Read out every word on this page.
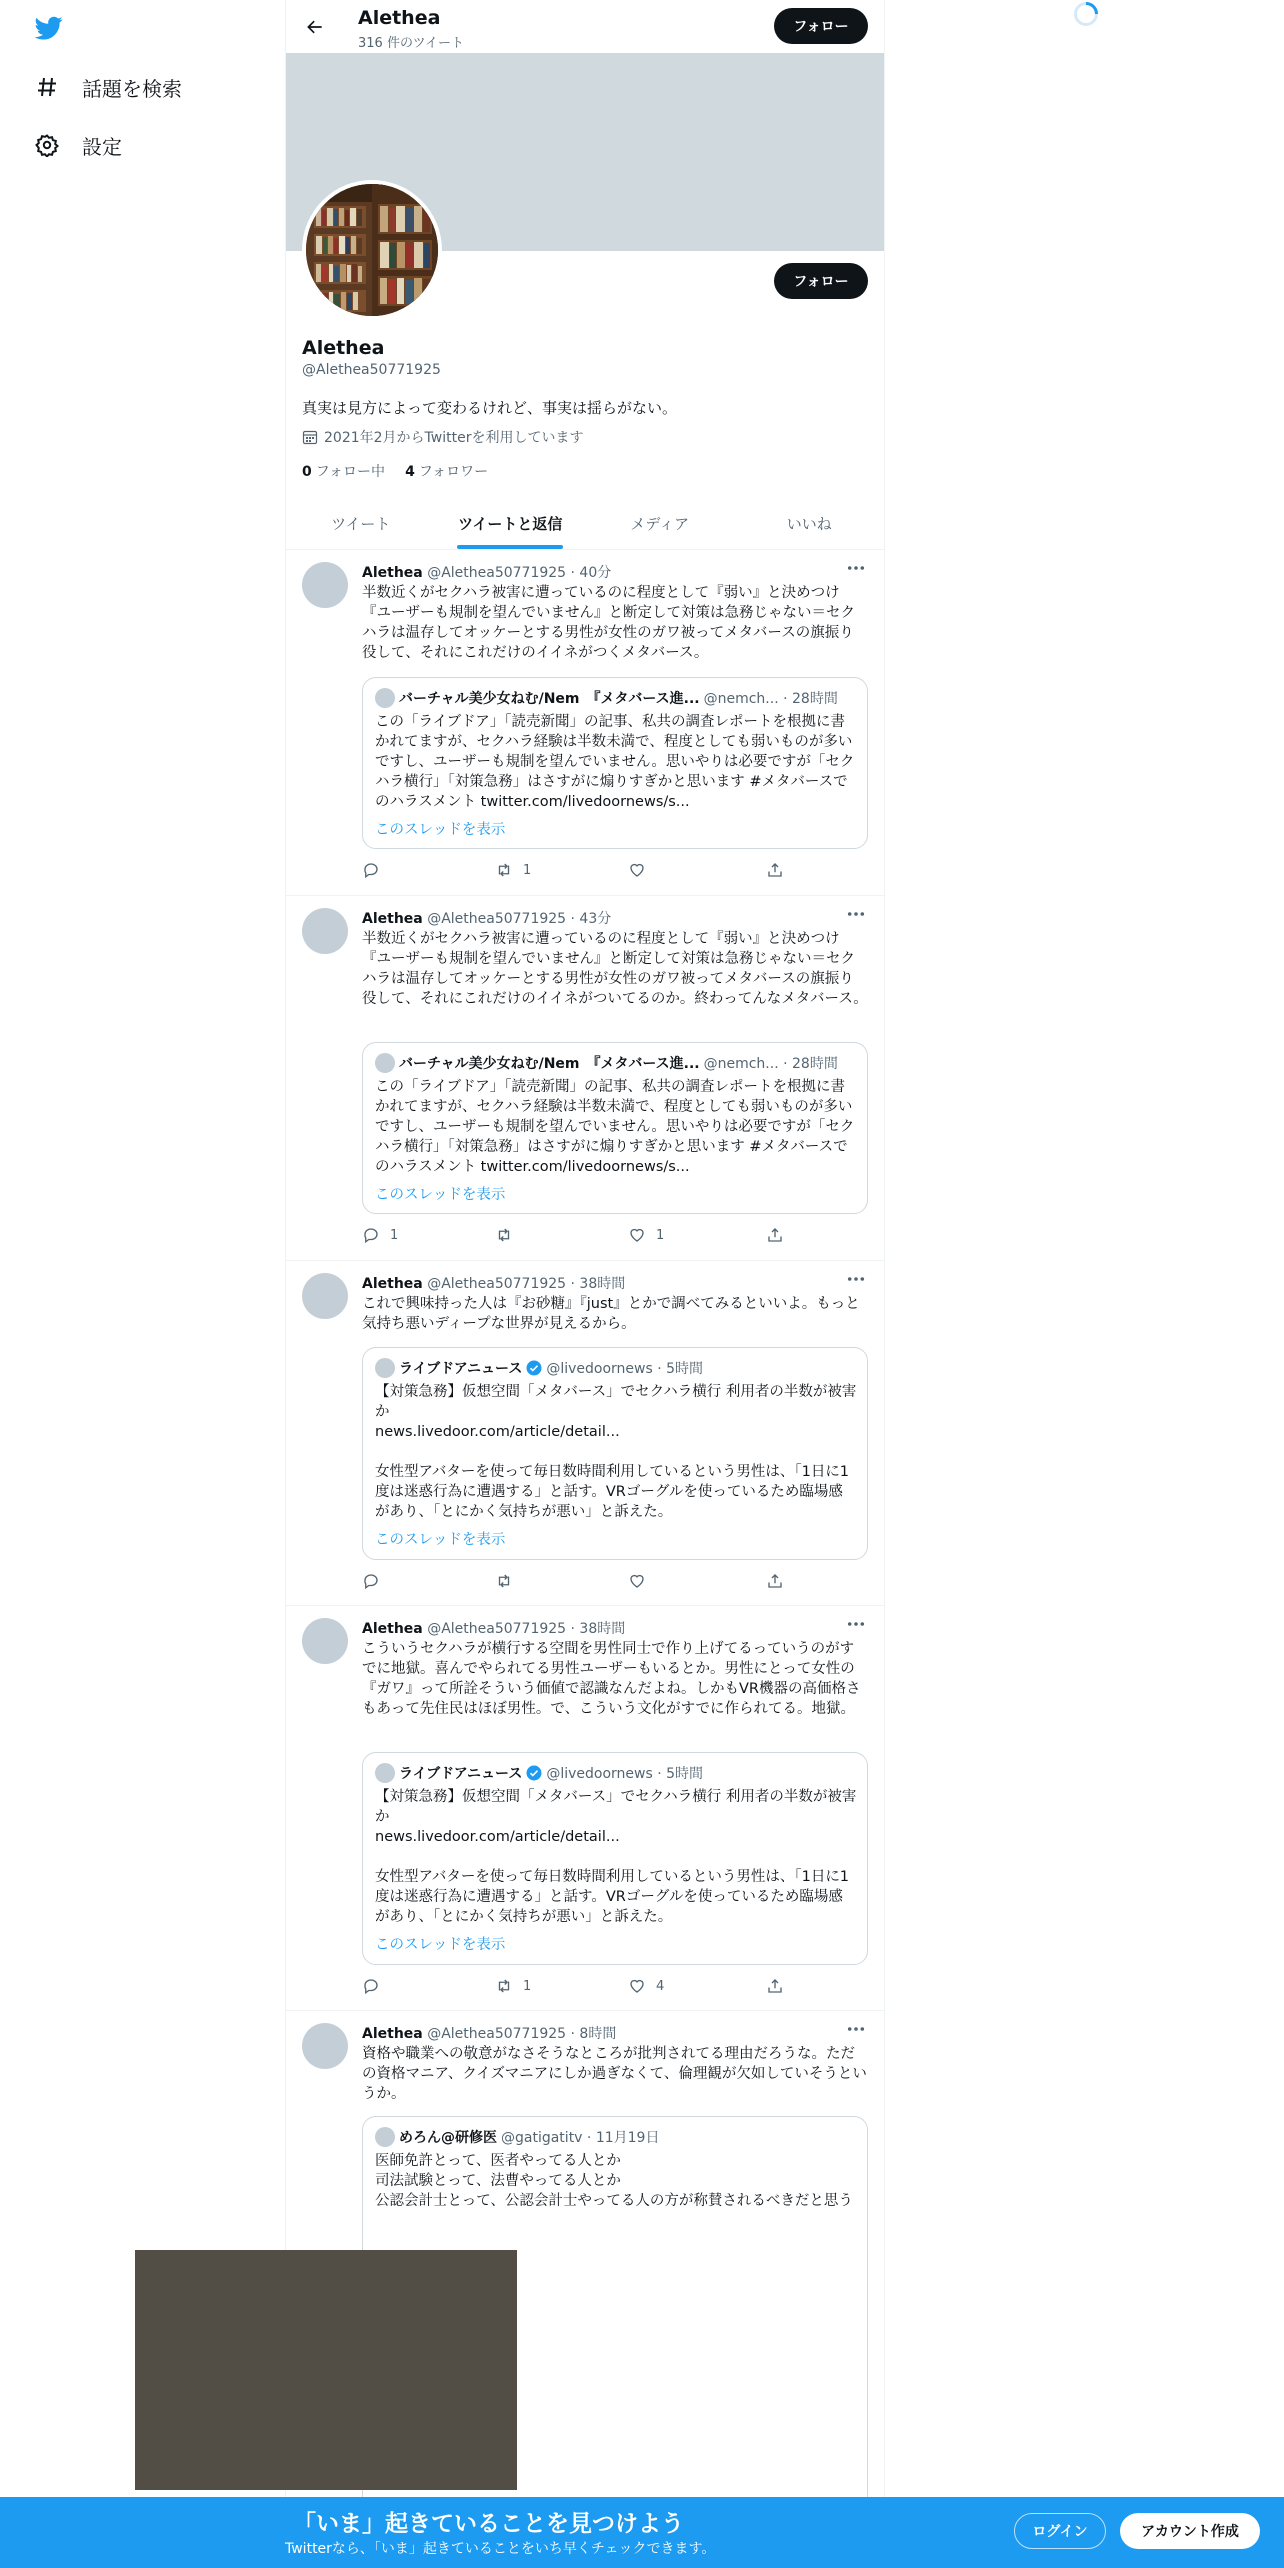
話題を検索
設定
Alethea
316 件のツイート
フォロー
フォロー
Alethea
@Alethea50771925
真実は見方によって変わるけれど、事実は揺らがない。
2021年2月からTwitterを利用しています
0 フォロー中 4 フォロワー
ツイート	ツイートと返信	メディア	いいね
Alethea @Alethea50771925 · 40分
半数近くがセクハラ被害に遭っているのに程度として『弱い』と決めつけ『ユーザーも規制を望んでいません』と断定して対策は急務じゃない＝セクハラは温存してオッケーとする男性が女性のガワ被ってメタバースの旗振り役して、それにこれだけのイイネがつくメタバース。
バーチャル美少女ねむ/Nem　『メタバース進... @nemch... · 28時間
この「ライブドア」「読売新聞」の記事、私共の調査レポートを根拠に書かれてますが、セクハラ経験は半数未満で、程度としても弱いものが多いですし、ユーザーも規制を望んでいません。思いやりは必要ですが「セクハラ横行」「対策急務」はさすがに煽りすぎかと思います #メタバースでのハラスメント twitter.com/livedoornews/s...
このスレッドを表示
1
Alethea @Alethea50771925 · 43分
半数近くがセクハラ被害に遭っているのに程度として『弱い』と決めつけ『ユーザーも規制を望んでいません』と断定して対策は急務じゃない＝セクハラは温存してオッケーとする男性が女性のガワ被ってメタバースの旗振り役して、それにこれだけのイイネがついてるのか。終わってんなメタバース。
バーチャル美少女ねむ/Nem　『メタバース進... @nemch... · 28時間
この「ライブドア」「読売新聞」の記事、私共の調査レポートを根拠に書かれてますが、セクハラ経験は半数未満で、程度としても弱いものが多いですし、ユーザーも規制を望んでいません。思いやりは必要ですが「セクハラ横行」「対策急務」はさすがに煽りすぎかと思います #メタバースでのハラスメント twitter.com/livedoornews/s...
このスレッドを表示
1	1
Alethea @Alethea50771925 · 38時間
これで興味持った人は『お砂糖』『just』とかで調べてみるといいよ。もっと気持ち悪いディープな世界が見えるから。
ライブドアニュース @livedoornews · 5時間
【対策急務】仮想空間「メタバース」でセクハラ横行 利用者の半数が被害か
news.livedoor.com/article/detail...

女性型アバターを使って毎日数時間利用しているという男性は、「1日に1度は迷惑行為に遭遇する」と話す。VRゴーグルを使っているため臨場感があり、「とにかく気持ちが悪い」と訴えた。
このスレッドを表示
Alethea @Alethea50771925 · 38時間
こういうセクハラが横行する空間を男性同士で作り上げてるっていうのがすでに地獄。喜んでやられてる男性ユーザーもいるとか。男性にとって女性の『ガワ』って所詮そういう価値で認識なんだよね。しかもVR機器の高価格さもあって先住民はほぼ男性。で、こういう文化がすでに作られてる。地獄。
ライブドアニュース @livedoornews · 5時間
【対策急務】仮想空間「メタバース」でセクハラ横行 利用者の半数が被害か
news.livedoor.com/article/detail...

女性型アバターを使って毎日数時間利用しているという男性は、「1日に1度は迷惑行為に遭遇する」と話す。VRゴーグルを使っているため臨場感があり、「とにかく気持ちが悪い」と訴えた。
このスレッドを表示
1	4
Alethea @Alethea50771925 · 8時間
資格や職業への敬意がなさそうなところが批判されてる理由だろうな。ただの資格マニア、クイズマニアにしか過ぎなくて、倫理観が欠如していそうというか。
めろん@研修医 @gatigatitv · 11月19日
医師免許とって、医者やってる人とか
司法試験とって、法曹やってる人とか
公認会計士とって、公認会計士やってる人の方が称賛されるべきだと思う
「いま」起きていることを見つけよう
Twitterなら、「いま」起きていることをいち早くチェックできます。
ログイン	アカウント作成
